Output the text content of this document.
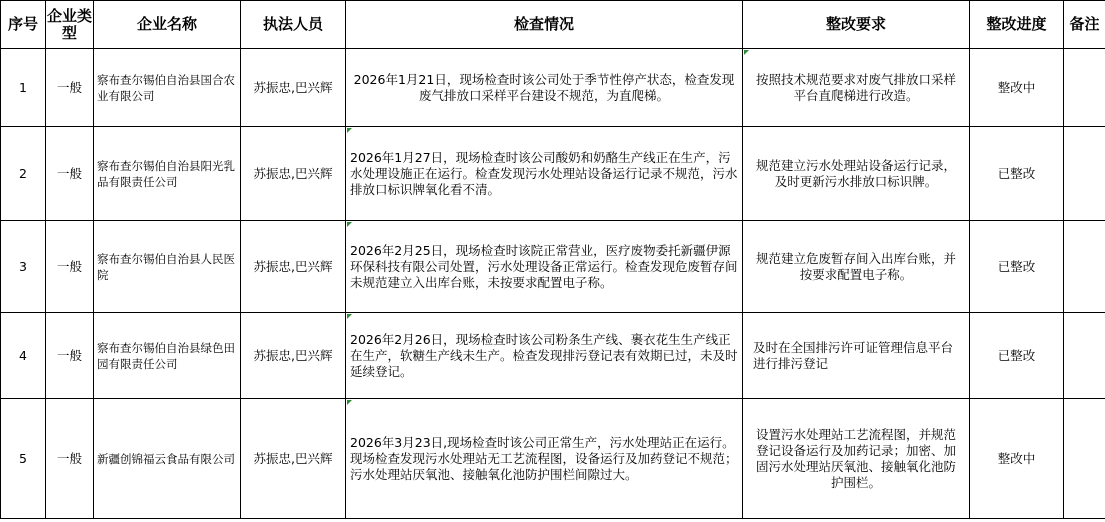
序号	企业类型	企业名称	执法人员	检查情况	整改要求	整改进度	备注
1	一般	察布查尔锡伯自治县国合农业有限公司	苏振忠,巴兴辉	2026年1月21日，现场检查时该公司处于季节性停产状态，检查发现废气排放口采样平台建设不规范，为直爬梯。	按照技术规范要求对废气排放口采样平台直爬梯进行改造。	整改中	
2	一般	察布查尔锡伯自治县阳光乳品有限责任公司	苏振忠,巴兴辉	2026年1月27日，现场检查时该公司酸奶和奶酪生产线正在生产，污水处理设施正在运行。检查发现污水处理站设备运行记录不规范，污水排放口标识牌氧化看不清。	规范建立污水处理站设备运行记录，及时更新污水排放口标识牌。	已整改	
3	一般	察布查尔锡伯自治县人民医院	苏振忠,巴兴辉	2026年2月25日，现场检查时该院正常营业，医疗废物委托新疆伊源环保科技有限公司处置，污水处理设备正常运行。检查发现危废暂存间未规范建立入出库台账，未按要求配置电子称。	规范建立危废暂存间入出库台账，并按要求配置电子称。	已整改	
4	一般	察布查尔锡伯自治县绿色田园有限责任公司	苏振忠,巴兴辉	2026年2月26日，现场检查时该公司粉条生产线、裹衣花生生产线正在生产，软糖生产线未生产。检查发现排污登记表有效期已过，未及时延续登记。	及时在全国排污许可证管理信息平台进行排污登记	已整改	
5	一般	新疆创锦福云食品有限公司	苏振忠,巴兴辉	2026年3月23日,现场检查时该公司正常生产，污水处理站正在运行。现场检查发现污水处理站无工艺流程图，设备运行及加药登记不规范；污水处理站厌氧池、接触氧化池防护围栏间隙过大。	设置污水处理站工艺流程图，并规范登记设备运行及加药记录；加密、加固污水处理站厌氧池、接触氧化池防护围栏。	整改中	
